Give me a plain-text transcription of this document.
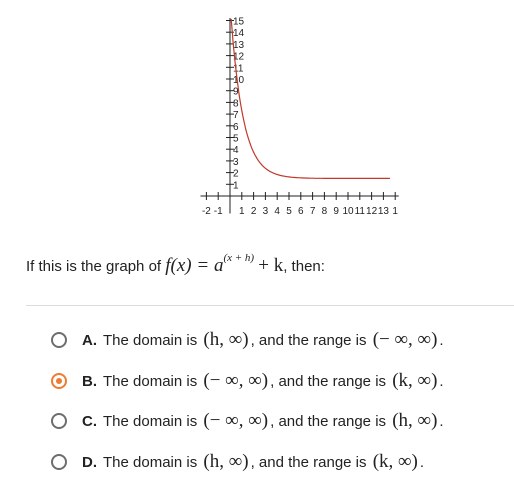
15
14
13
12
11
10
9
8
7
6
5
4
3
2
1
-2 -1 1 2 3 4 5 6 7 8 9 10 11 12 13 1
If this is the graph of $f(x) = a^{(x + h)} + k$, then:
A. The domain is
(h, ∞) , and the range is
(− ∞, ∞) .
B. The domain is
(− ∞, ∞) , and the range is
(k, ∞) .
C. The domain is
(− ∞, ∞) , and the range is
(h, ∞) .
D. The domain is
(h, ∞) , and the range is
(k, ∞) .
